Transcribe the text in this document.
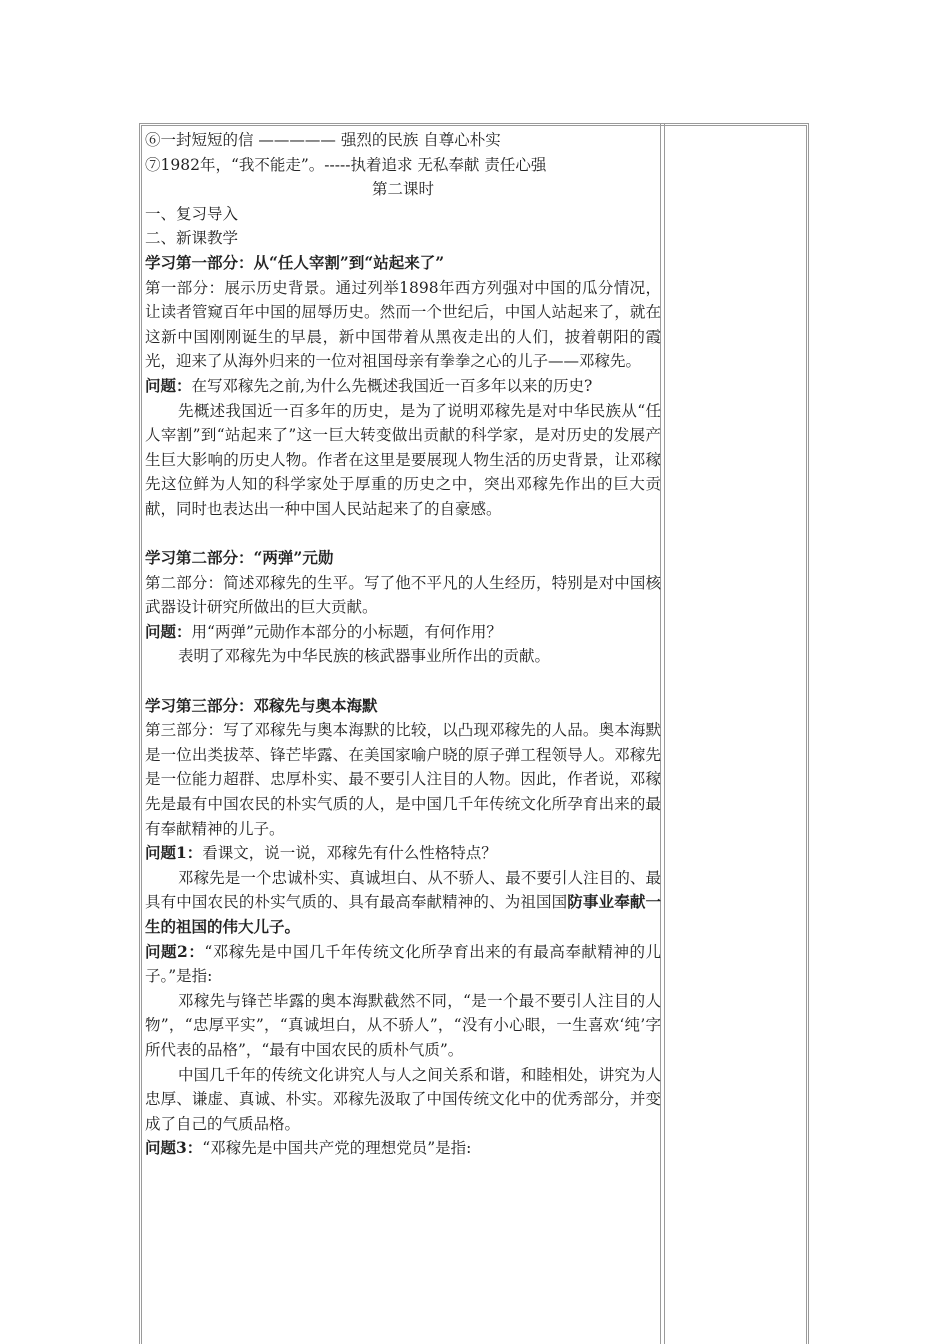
⑥一封短短的信 ————— 强烈的民族 自尊心朴实
⑦1982年，“我不能走”。-----执着追求 无私奉献 责任心强
第二课时
一、复习导入
二、新课教学
学习第一部分：从“任人宰割”到“站起来了”
第一部分：展示历史背景。通过列举1898年西方列强对中国的瓜分情况，让读者管窥百年中国的屈辱历史。然而一个世纪后，中国人站起来了，就在这新中国刚刚诞生的早晨，新中国带着从黑夜走出的人们，披着朝阳的霞光，迎来了从海外归来的一位对祖国母亲有拳拳之心的儿子——邓稼先。
问题：在写邓稼先之前,为什么先概述我国近一百多年以来的历史?
先概述我国近一百多年的历史，是为了说明邓稼先是对中华民族从“任人宰割”到“站起来了”这一巨大转变做出贡献的科学家，是对历史的发展产生巨大影响的历史人物。作者在这里是要展现人物生活的历史背景，让邓稼先这位鲜为人知的科学家处于厚重的历史之中，突出邓稼先作出的巨大贡献，同时也表达出一种中国人民站起来了的自豪感。
学习第二部分：“两弹”元勋
第二部分：简述邓稼先的生平。写了他不平凡的人生经历，特别是对中国核武器设计研究所做出的巨大贡献。
问题：用“两弹”元勋作本部分的小标题，有何作用？
表明了邓稼先为中华民族的核武器事业所作出的贡献。
学习第三部分：邓稼先与奥本海默
第三部分：写了邓稼先与奥本海默的比较，以凸现邓稼先的人品。奥本海默是一位出类拔萃、锋芒毕露、在美国家喻户晓的原子弹工程领导人。邓稼先是一位能力超群、忠厚朴实、最不要引人注目的人物。因此，作者说，邓稼先是最有中国农民的朴实气质的人，是中国几千年传统文化所孕育出来的最有奉献精神的儿子。
问题1：看课文，说一说，邓稼先有什么性格特点？
邓稼先是一个忠诚朴实、真诚坦白、从不骄人、最不要引人注目的、最具有中国农民的朴实气质的、具有最高奉献精神的、为祖国国防事业奉献一生的祖国的伟大儿子。
问题2：“邓稼先是中国几千年传统文化所孕育出来的有最高奉献精神的儿子。”是指:
邓稼先与锋芒毕露的奥本海默截然不同，“是一个最不要引人注目的人物”，“忠厚平实”，“真诚坦白，从不骄人”，“没有小心眼，一生喜欢‘纯’字所代表的品格”，“最有中国农民的质朴气质”。
中国几千年的传统文化讲究人与人之间关系和谐，和睦相处，讲究为人忠厚、谦虚、真诚、朴实。邓稼先汲取了中国传统文化中的优秀部分，并变成了自己的气质品格。
问题3：“邓稼先是中国共产党的理想党员”是指:
